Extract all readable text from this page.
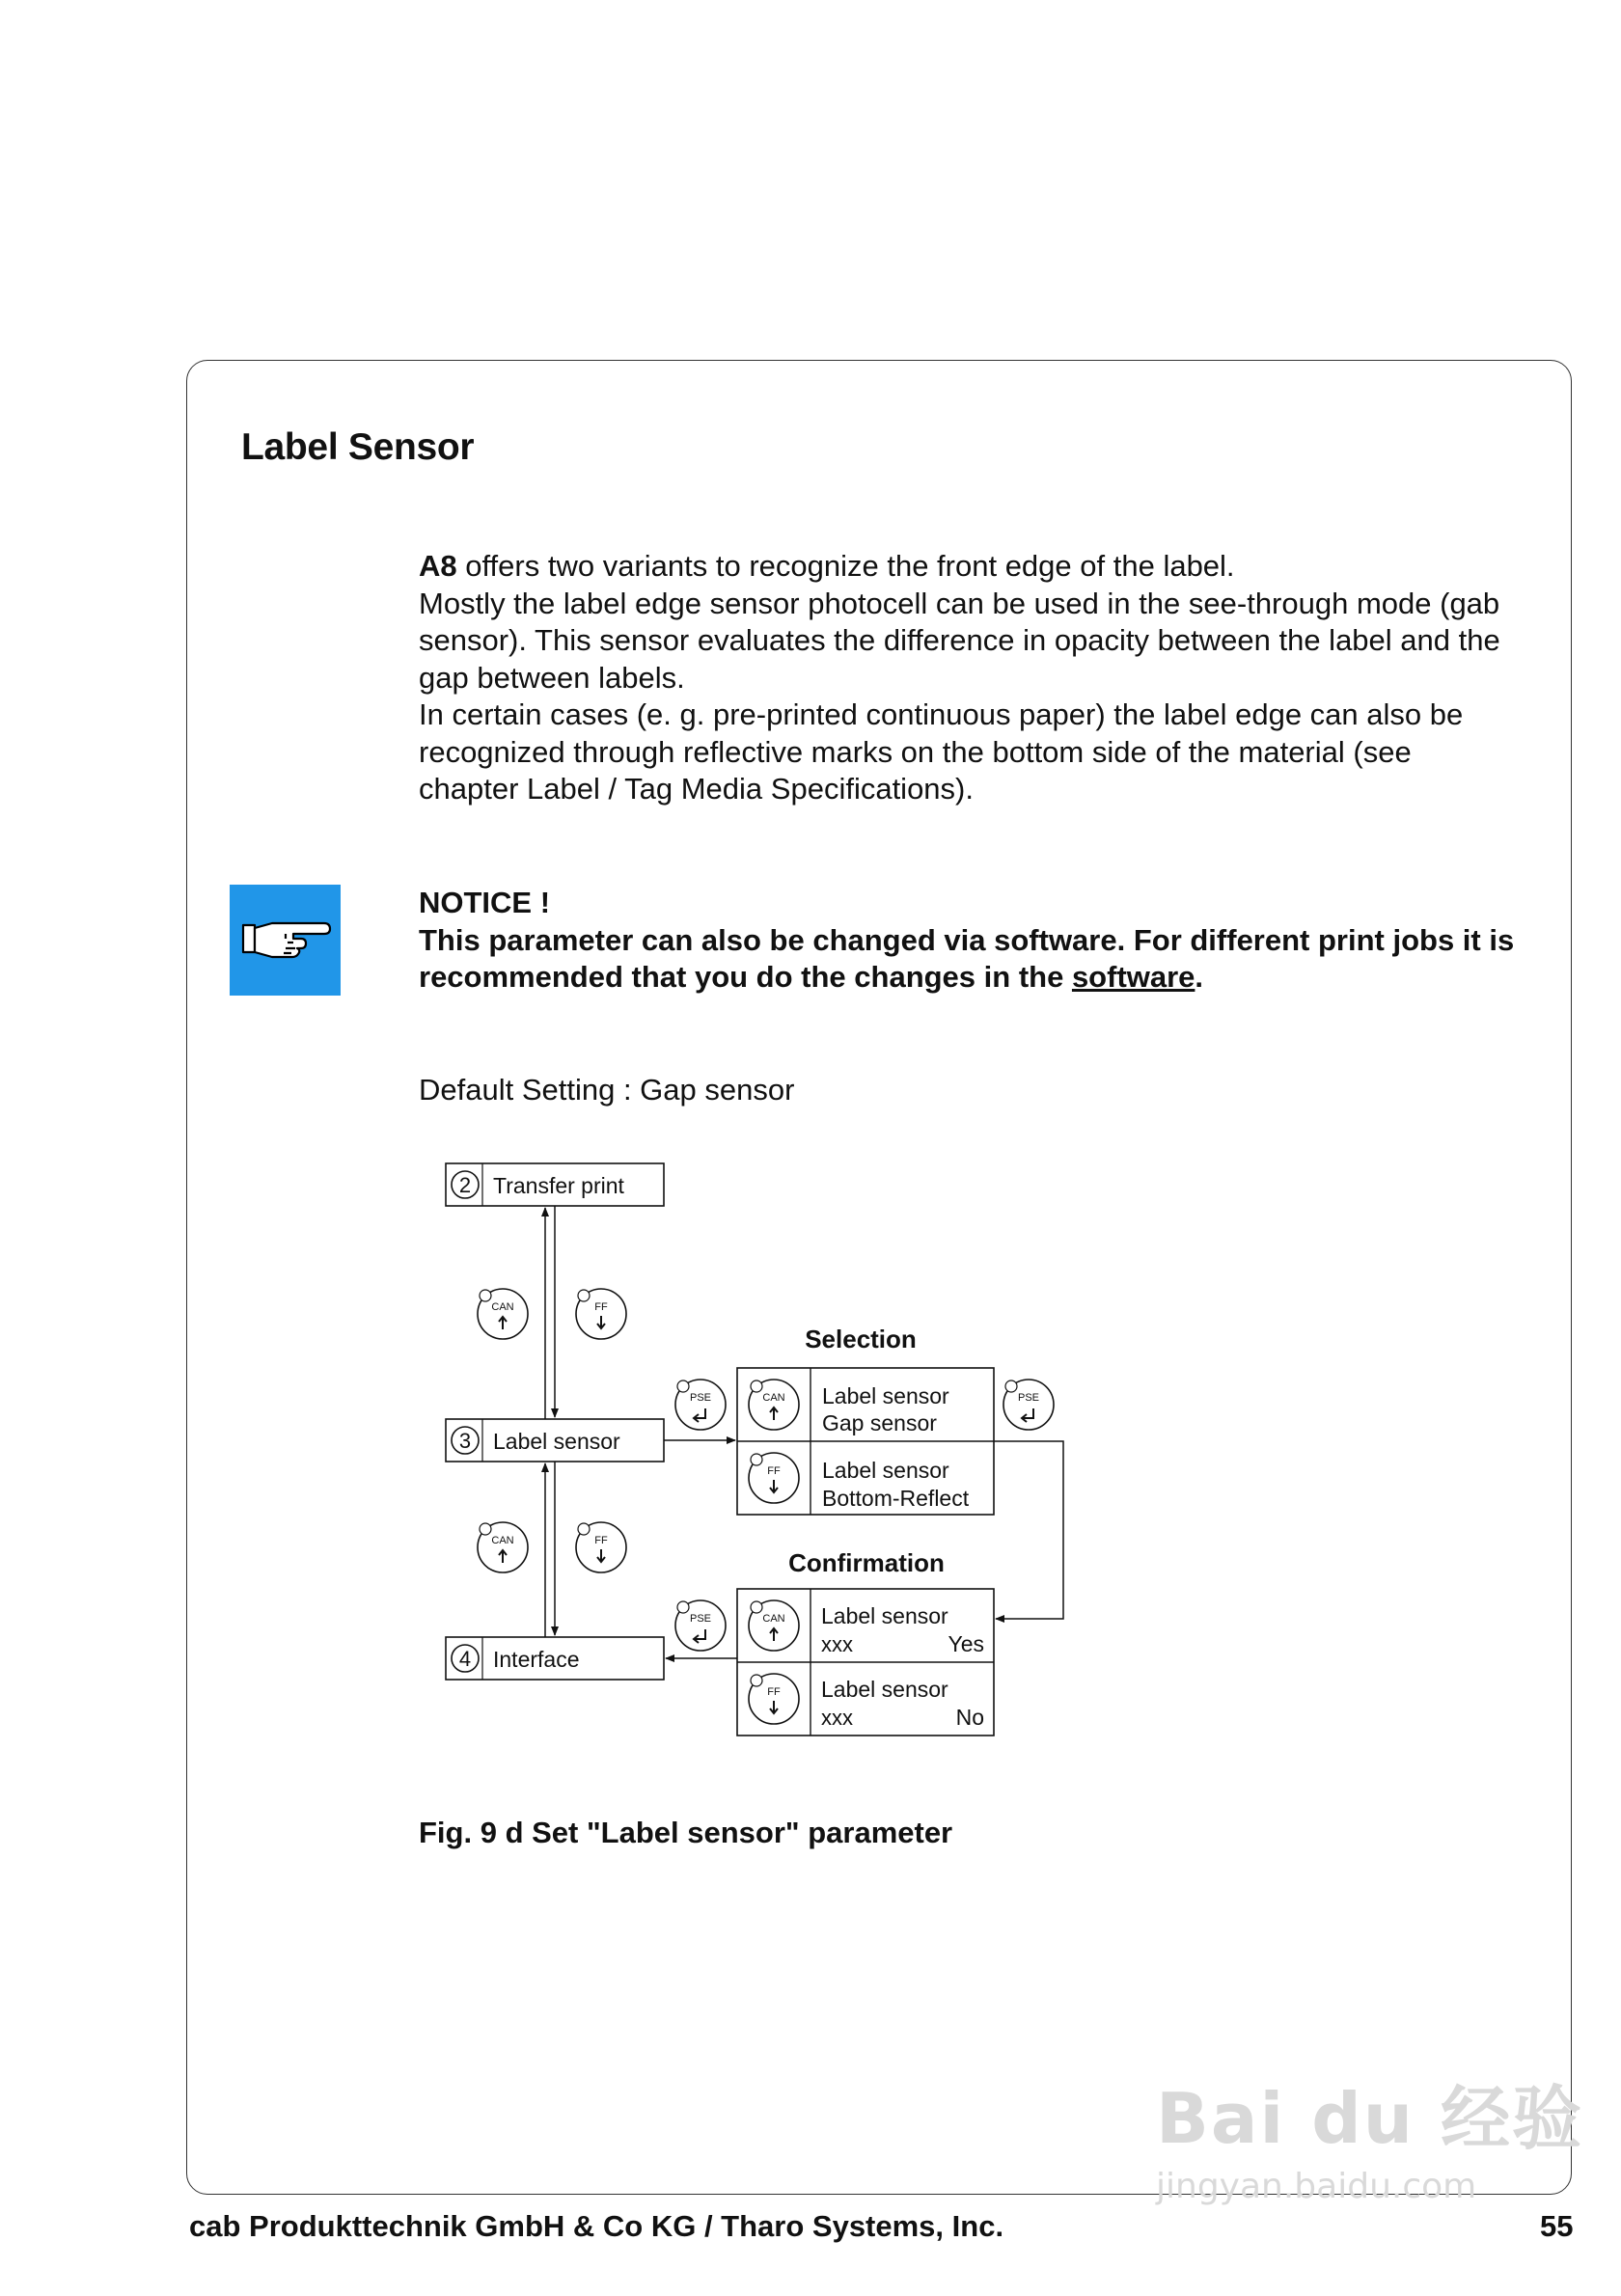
Label Sensor

A8 offers two variants to recognize the front edge of the label.

Mostly the label edge sensor photocell can be used in the see-through mode (gab sensor). This sensor evaluates the difference in opacity between the label and the gap between labels.

In certain cases (e. g. pre-printed continuous paper) the label edge can also be recognized through reflective marks on the bottom side of the material (see chapter Label / Tag Media Specifications).

NOTICE !

This parameter can also be changed via software. For different print jobs it is recommended that you do the changes in the software.

Default Setting : Gap sensor
2 Transfer print
3 Label sensor
4 Interface
CAN	FF
CAN	FF
Selection
Label sensor
Gap sensor
Label sensor
Bottom-Reflect
CAN
FF
PSE	PSE
Confirmation
Label sensor
xxx	Yes
Label sensor
xxx	No
CAN
FF
PSE
Fig. 9 d Set "Label sensor" parameter
Bai du 经验
jingyan.baidu.com
cab Produkttechnik GmbH & Co KG / Tharo Systems, Inc.	55
